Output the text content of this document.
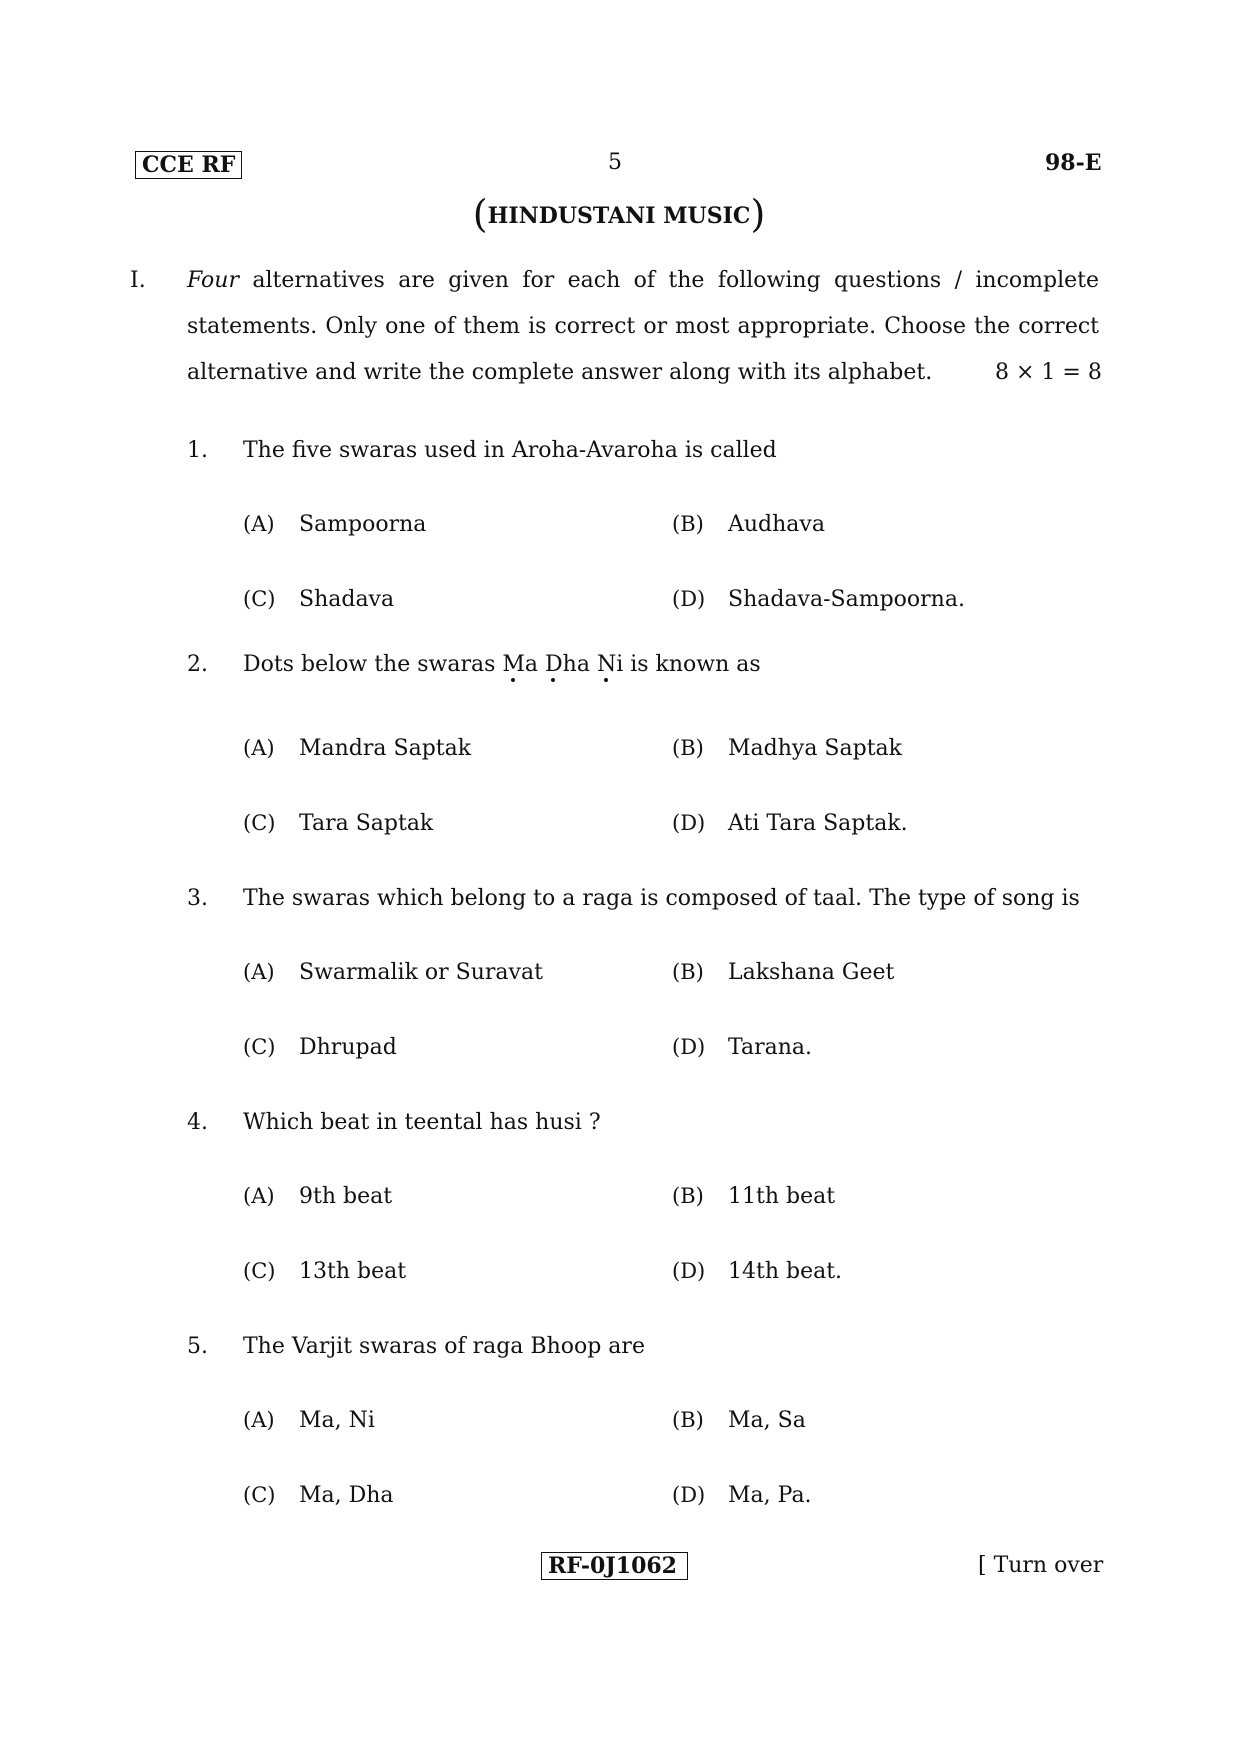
CCE RF	5	98-E
(HINDUSTANI MUSIC)
I. Four alternatives are given for each of the following questions / incomplete
statements. Only one of them is correct or most appropriate. Choose the correct
alternative and write the complete answer along with its alphabet.	8 × 1 = 8
1. The five swaras used in Aroha-Avaroha is called
(A) Sampoorna	(B) Audhava
(C) Shadava	(D) Shadava-Sampoorna.
2. Dots below the swaras Ma Dha Ni is known as
(A) Mandra Saptak	(B) Madhya Saptak
(C) Tara Saptak	(D) Ati Tara Saptak.
3. The swaras which belong to a raga is composed of taal. The type of song is
(A) Swarmalik or Suravat	(B) Lakshana Geet
(C) Dhrupad	(D) Tarana.
4. Which beat in teental has husi ?
(A) 9th beat	(B) 11th beat
(C) 13th beat	(D) 14th beat.
5. The Varjit swaras of raga Bhoop are
(A) Ma, Ni	(B) Ma, Sa
(C) Ma, Dha	(D) Ma, Pa.
RF-0J1062	[ Turn over
